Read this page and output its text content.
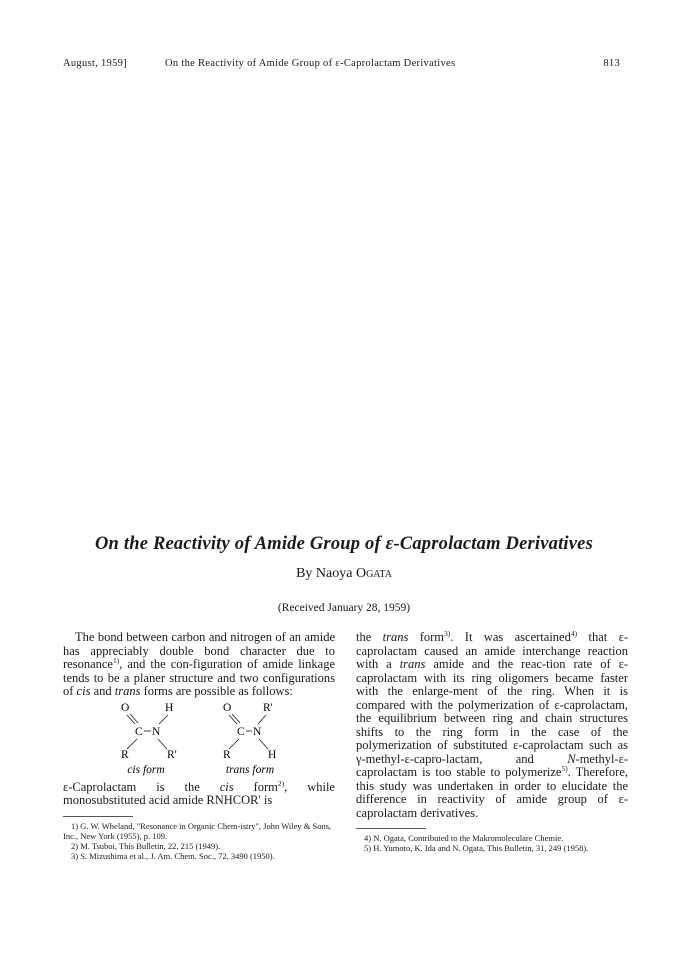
August, 1959]	On the Reactivity of Amide Group of ε-Caprolactam Derivatives	813
On the Reactivity of Amide Group of ε-Caprolactam Derivatives
By Naoya Ogata
(Received January 28, 1959)

The bond between carbon and nitrogen of an amide has appreciably double bond character due to resonance$^{1)}$, and the con-figuration of amide linkage tends to be a planer structure and two configurations of cis and trans forms are possible as follows:

O	H
C N
R	R'
cis form
O	R'
C N
R	H
trans form

ε-Caprolactam is the cis form$^{2)}$, while monosubstituted acid amide RNHCOR' is

1) G. W. Wheland, "Resonance in Organic Chem-istry", John Wiley & Sons, Inc., New York (1955), p. 109.
2) M. Tsuboi, This Bulletin, 22, 215 (1949).
3) S. Mizushima et al., J. Am. Chem. Soc., 72, 3490 (1950).

the trans form$^{3)}$. It was ascertained$^{4)}$ that ε-caprolactam caused an amide interchange reaction with a trans amide and the reac-tion rate of ε-caprolactam with its ring oligomers became faster with the enlarge-ment of the ring. When it is compared with the polymerization of ε-caprolactam, the equilibrium between ring and chain structures shifts to the ring form in the case of the polymerization of substituted ε-caprolactam such as γ-methyl-ε-capro-lactam, and N-methyl-ε-caprolactam is too stable to polymerize$^{5)}$. Therefore, this study was undertaken in order to elucidate the difference in reactivity of amide group of ε-caprolactam derivatives.

4) N. Ogata, Contributed to the Makromoleculare Chemie.
5) H. Yumoto, K. Ida and N. Ogata, This Bulletin, 31, 249 (1958).
